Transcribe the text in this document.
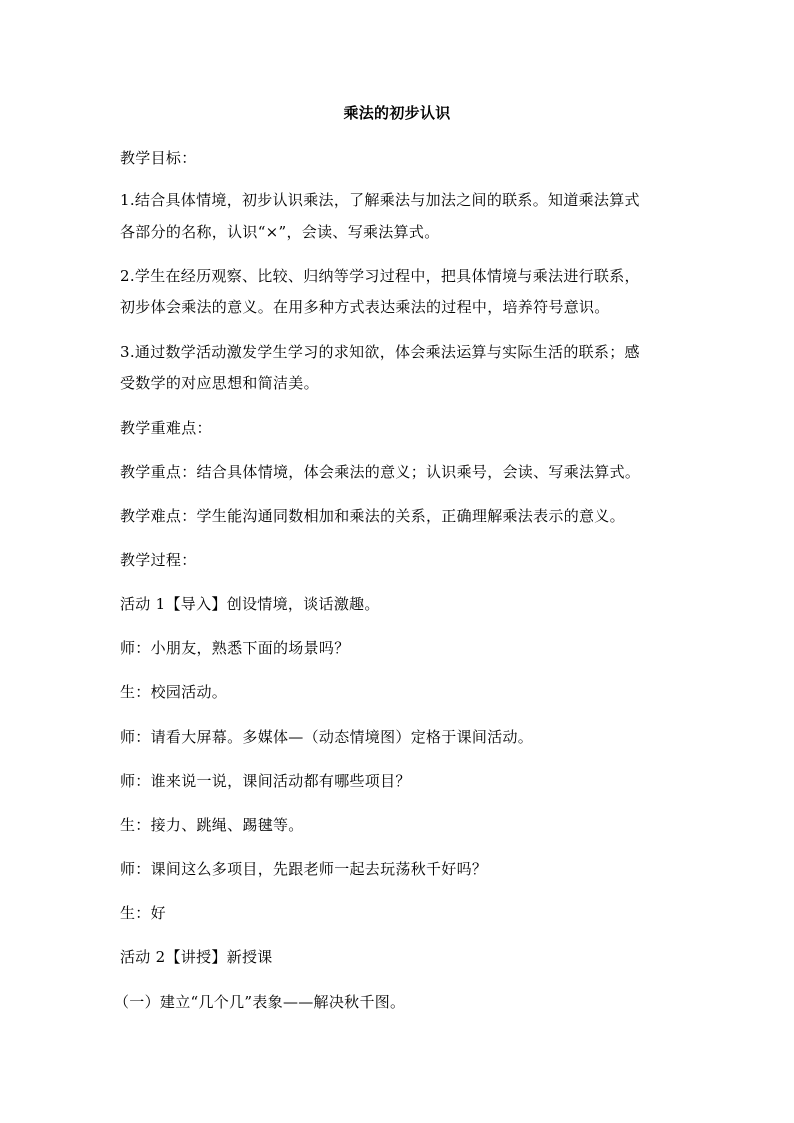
乘法的初步认识
教学目标：
1.结合具体情境，初步认识乘法，了解乘法与加法之间的联系。知道乘法算式
各部分的名称，认识“×”，会读、写乘法算式。
2.学生在经历观察、比较、归纳等学习过程中，把具体情境与乘法进行联系，
初步体会乘法的意义。在用多种方式表达乘法的过程中，培养符号意识。
3.通过数学活动激发学生学习的求知欲，体会乘法运算与实际生活的联系；感
受数学的对应思想和简洁美。
教学重难点：
教学重点：结合具体情境，体会乘法的意义；认识乘号，会读、写乘法算式。
教学难点：学生能沟通同数相加和乘法的关系，正确理解乘法表示的意义。
教学过程：
活动 1【导入】创设情境，谈话激趣。
师：小朋友，熟悉下面的场景吗？
生：校园活动。
师：请看大屏幕。多媒体—（动态情境图）定格于课间活动。
师：谁来说一说，课间活动都有哪些项目？
生：接力、跳绳、踢毽等。
师：课间这么多项目，先跟老师一起去玩荡秋千好吗？
生：好
活动 2【讲授】新授课
（一）建立“几个几”表象——解决秋千图。
